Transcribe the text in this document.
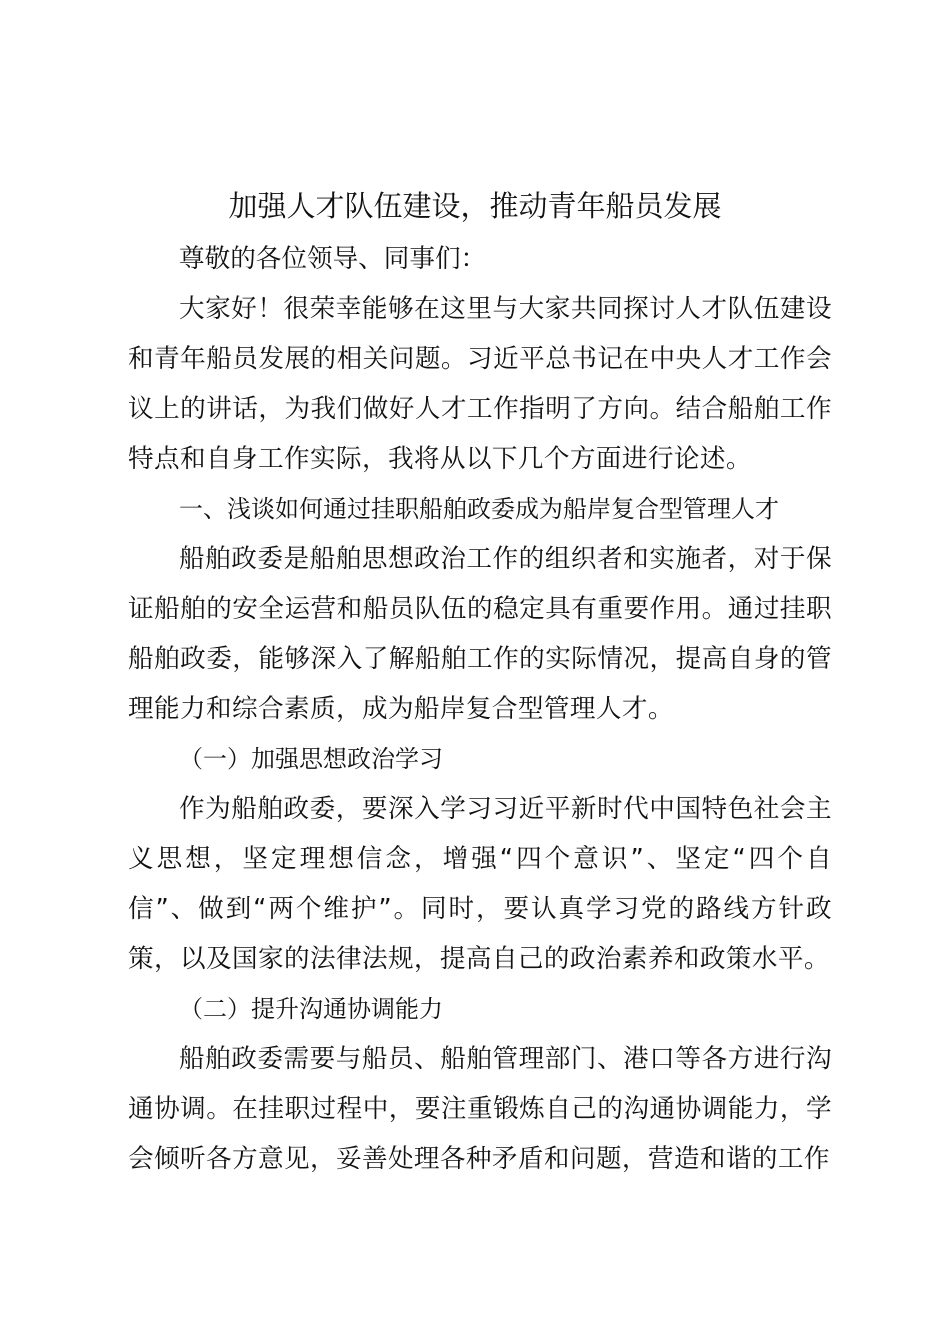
加强人才队伍建设，推动青年船员发展

尊敬的各位领导、同事们：

大家好！很荣幸能够在这里与大家共同探讨人才队伍建设和青年船员发展的相关问题。习近平总书记在中央人才工作会议上的讲话，为我们做好人才工作指明了方向。结合船舶工作特点和自身工作实际，我将从以下几个方面进行论述。

一、浅谈如何通过挂职船舶政委成为船岸复合型管理人才

船舶政委是船舶思想政治工作的组织者和实施者，对于保证船舶的安全运营和船员队伍的稳定具有重要作用。通过挂职船舶政委，能够深入了解船舶工作的实际情况，提高自身的管理能力和综合素质，成为船岸复合型管理人才。

（一）加强思想政治学习

作为船舶政委，要深入学习习近平新时代中国特色社会主义思想，坚定理想信念，增强“四个意识”、坚定“四个自信”、做到“两个维护”。同时，要认真学习党的路线方针政策，以及国家的法律法规，提高自己的政治素养和政策水平。

（二）提升沟通协调能力

船舶政委需要与船员、船舶管理部门、港口等各方进行沟通协调。在挂职过程中，要注重锻炼自己的沟通协调能力，学会倾听各方意见，妥善处理各种矛盾和问题，营造和谐的工作
